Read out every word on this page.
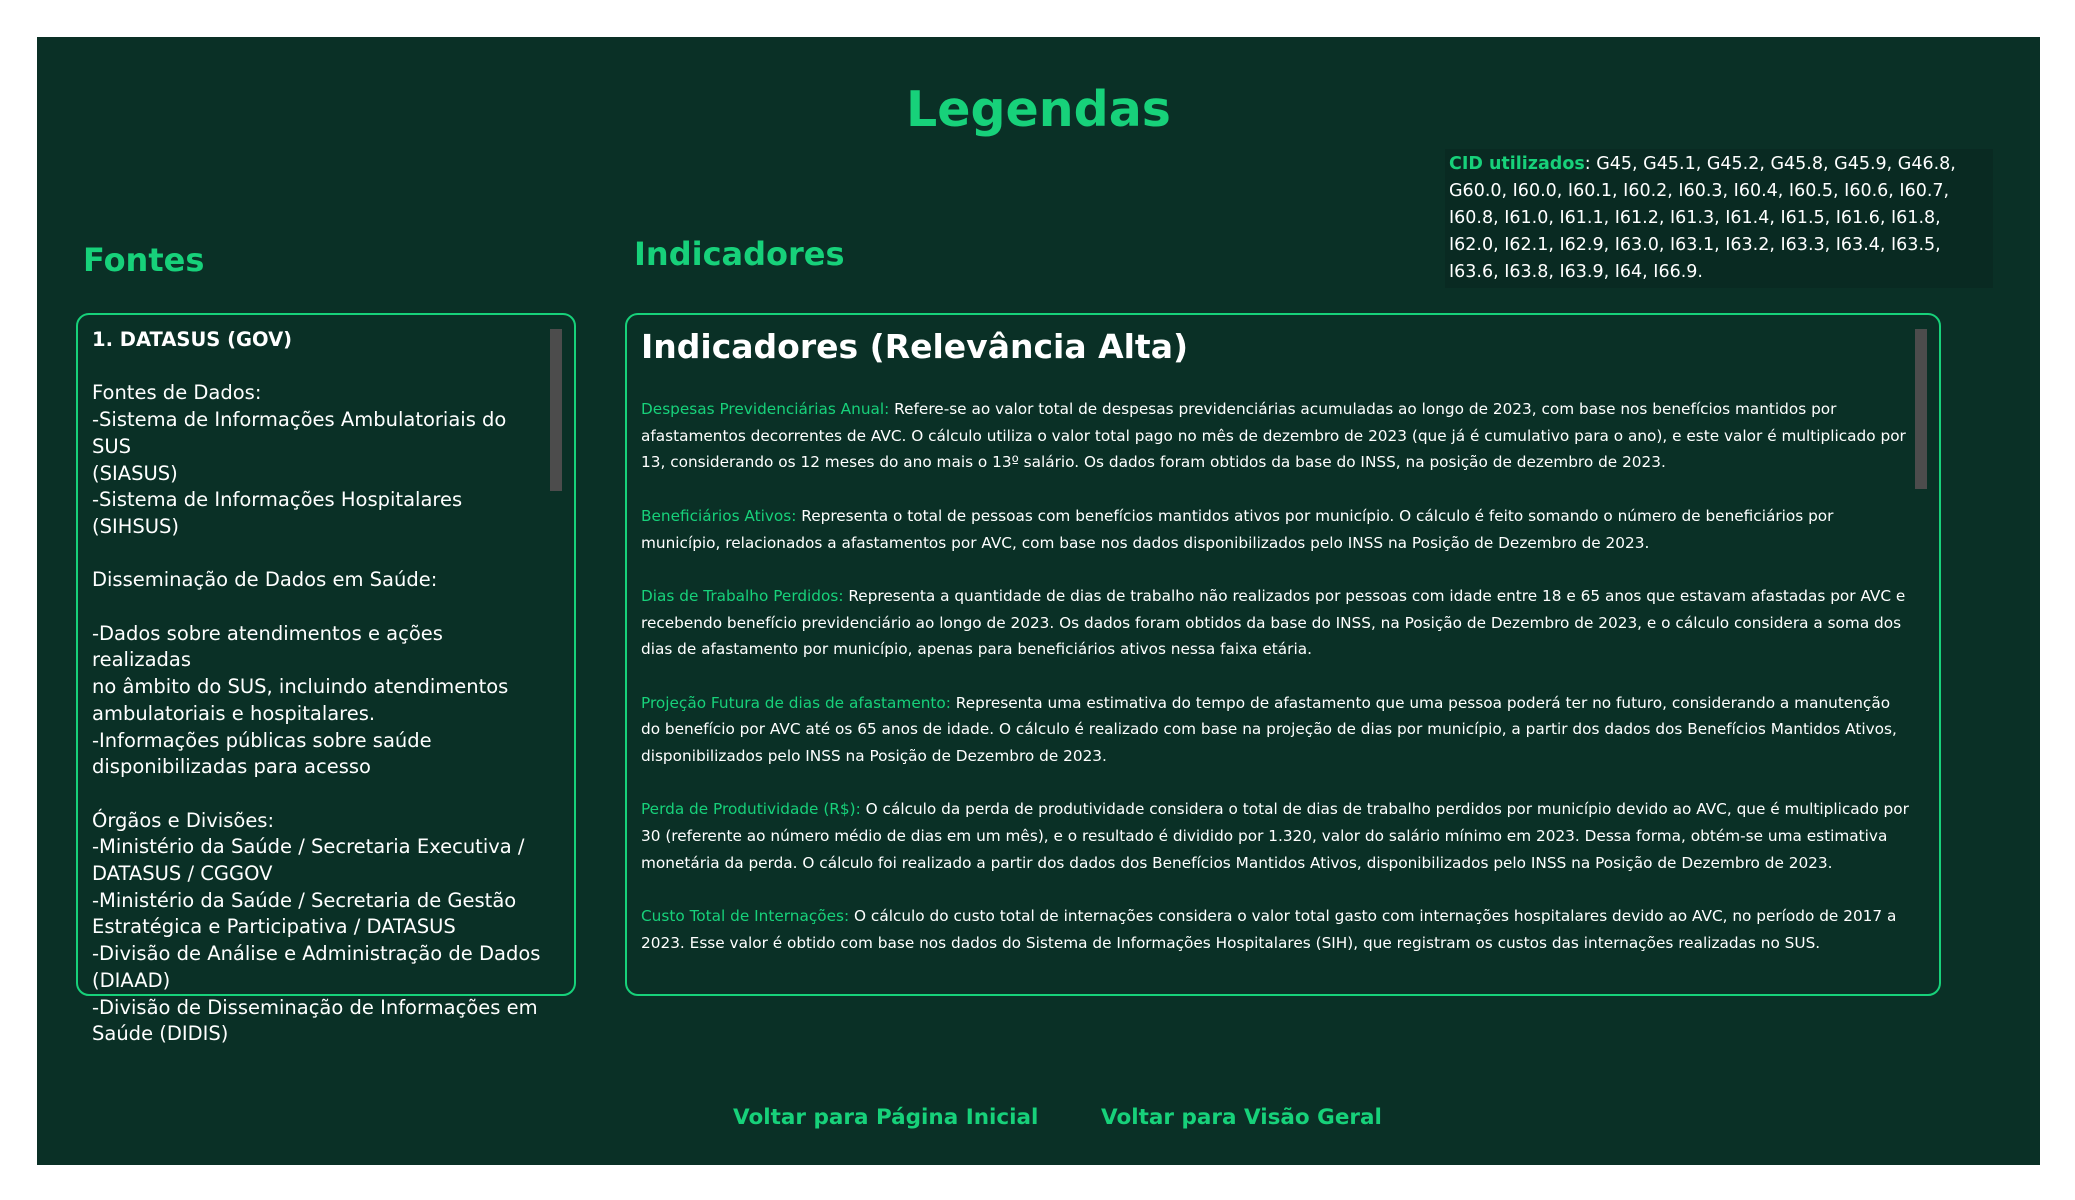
Legendas
CID utilizados: G45, G45.1, G45.2, G45.8, G45.9, G46.8,
G60.0, I60.0, I60.1, I60.2, I60.3, I60.4, I60.5, I60.6, I60.7,
I60.8, I61.0, I61.1, I61.2, I61.3, I61.4, I61.5, I61.6, I61.8,
I62.0, I62.1, I62.9, I63.0, I63.1, I63.2, I63.3, I63.4, I63.5,
I63.6, I63.8, I63.9, I64, I66.9.
Fontes	Indicadores
1. DATASUS (GOV)
Fontes de Dados:
-Sistema de Informações Ambulatoriais do SUS
(SIASUS)
-Sistema de Informações Hospitalares (SIHSUS)
Disseminação de Dados em Saúde:
-Dados sobre atendimentos e ações realizadas
no âmbito do SUS, incluindo atendimentos
ambulatoriais e hospitalares.
-Informações públicas sobre saúde
disponibilizadas para acesso
Órgãos e Divisões:
-Ministério da Saúde / Secretaria Executiva /
DATASUS / CGGOV
-Ministério da Saúde / Secretaria de Gestão
Estratégica e Participativa / DATASUS
-Divisão de Análise e Administração de Dados
(DIAAD)
-Divisão de Disseminação de Informações em
Saúde (DIDIS)
Indicadores (Relevância Alta)

Despesas Previdenciárias Anual: Refere-se ao valor total de despesas previdenciárias acumuladas ao longo de 2023, com base nos benefícios mantidos por afastamentos decorrentes de AVC. O cálculo utiliza o valor total pago no mês de dezembro de 2023 (que já é cumulativo para o ano), e este valor é multiplicado por 13, considerando os 12 meses do ano mais o 13º salário. Os dados foram obtidos da base do INSS, na posição de dezembro de 2023.

Beneficiários Ativos: Representa o total de pessoas com benefícios mantidos ativos por município. O cálculo é feito somando o número de beneficiários por município, relacionados a afastamentos por AVC, com base nos dados disponibilizados pelo INSS na Posição de Dezembro de 2023.

Dias de Trabalho Perdidos: Representa a quantidade de dias de trabalho não realizados por pessoas com idade entre 18 e 65 anos que estavam afastadas por AVC e recebendo benefício previdenciário ao longo de 2023. Os dados foram obtidos da base do INSS, na Posição de Dezembro de 2023, e o cálculo considera a soma dos dias de afastamento por município, apenas para beneficiários ativos nessa faixa etária.

Projeção Futura de dias de afastamento: Representa uma estimativa do tempo de afastamento que uma pessoa poderá ter no futuro, considerando a manutenção do benefício por AVC até os 65 anos de idade. O cálculo é realizado com base na projeção de dias por município, a partir dos dados dos Benefícios Mantidos Ativos, disponibilizados pelo INSS na Posição de Dezembro de 2023.

Perda de Produtividade (R$): O cálculo da perda de produtividade considera o total de dias de trabalho perdidos por município devido ao AVC, que é multiplicado por 30 (referente ao número médio de dias em um mês), e o resultado é dividido por 1.320, valor do salário mínimo em 2023. Dessa forma, obtém-se uma estimativa monetária da perda. O cálculo foi realizado a partir dos dados dos Benefícios Mantidos Ativos, disponibilizados pelo INSS na Posição de Dezembro de 2023.

Custo Total de Internações: O cálculo do custo total de internações considera o valor total gasto com internações hospitalares devido ao AVC, no período de 2017 a 2023. Esse valor é obtido com base nos dados do Sistema de Informações Hospitalares (SIH), que registram os custos das internações realizadas no SUS.

Voltar para Página Inicial	Voltar para Visão Geral
